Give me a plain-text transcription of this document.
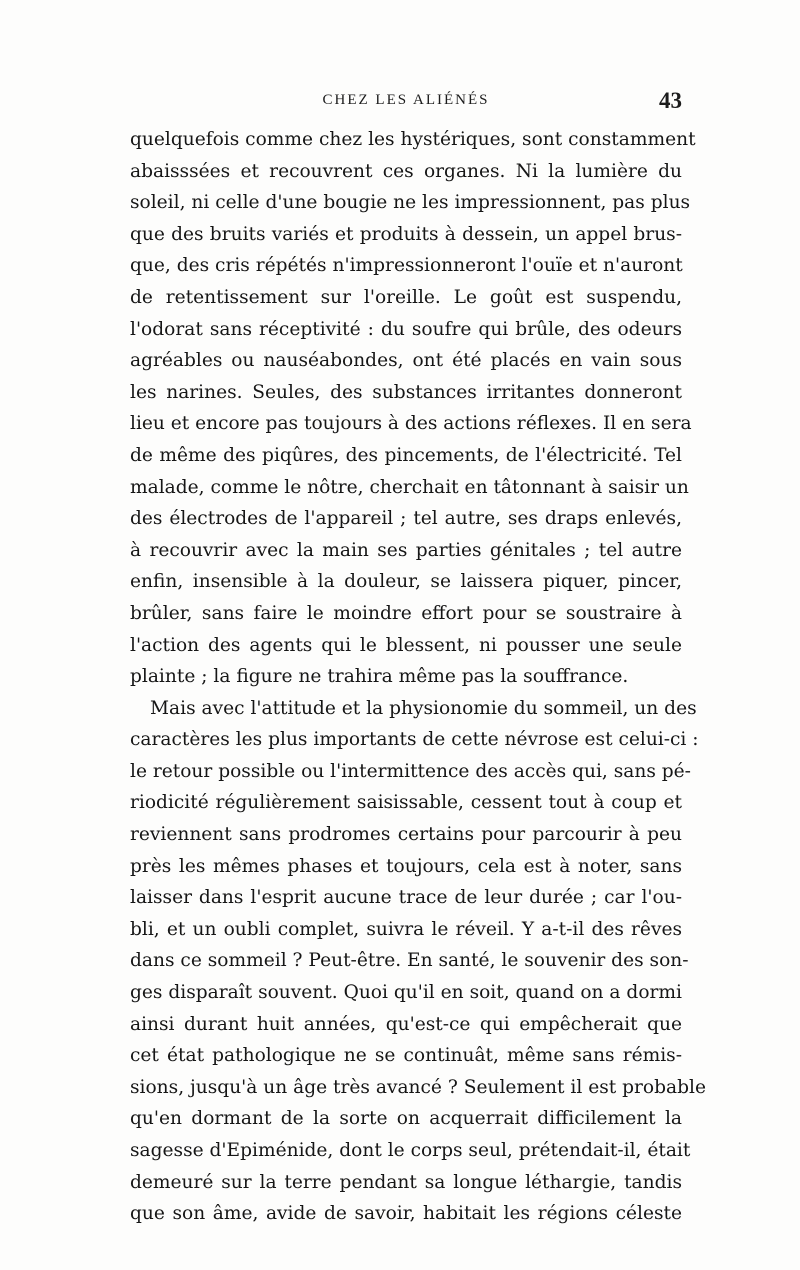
CHEZ LES ALIÉNÉS	43
quelquefois comme chez les hystériques, sont constamment
abaisssées et recouvrent ces organes. Ni la lumière du
soleil, ni celle d'une bougie ne les impressionnent, pas plus
que des bruits variés et produits à dessein, un appel brus-
que, des cris répétés n'impressionneront l'ouïe et n'auront
de retentissement sur l'oreille. Le goût est suspendu,
l'odorat sans réceptivité : du soufre qui brûle, des odeurs
agréables ou nauséabondes, ont été placés en vain sous
les narines. Seules, des substances irritantes donneront
lieu et encore pas toujours à des actions réflexes. Il en sera
de même des piqûres, des pincements, de l'électricité. Tel
malade, comme le nôtre, cherchait en tâtonnant à saisir un
des électrodes de l'appareil ; tel autre, ses draps enlevés,
à recouvrir avec la main ses parties génitales ; tel autre
enfin, insensible à la douleur, se laissera piquer, pincer,
brûler, sans faire le moindre effort pour se soustraire à
l'action des agents qui le blessent, ni pousser une seule
plainte ; la figure ne trahira même pas la souffrance.
Mais avec l'attitude et la physionomie du sommeil, un des
caractères les plus importants de cette névrose est celui-ci :
le retour possible ou l'intermittence des accès qui, sans pé-
riodicité régulièrement saisissable, cessent tout à coup et
reviennent sans prodromes certains pour parcourir à peu
près les mêmes phases et toujours, cela est à noter, sans
laisser dans l'esprit aucune trace de leur durée ; car l'ou-
bli, et un oubli complet, suivra le réveil. Y a-t-il des rêves
dans ce sommeil ? Peut-être. En santé, le souvenir des son-
ges disparaît souvent. Quoi qu'il en soit, quand on a dormi
ainsi durant huit années, qu'est-ce qui empêcherait que
cet état pathologique ne se continuât, même sans rémis-
sions, jusqu'à un âge très avancé ? Seulement il est probable
qu'en dormant de la sorte on acquerrait difficilement la
sagesse d'Epiménide, dont le corps seul, prétendait-il, était
demeuré sur la terre pendant sa longue léthargie, tandis
que son âme, avide de savoir, habitait les régions céleste
